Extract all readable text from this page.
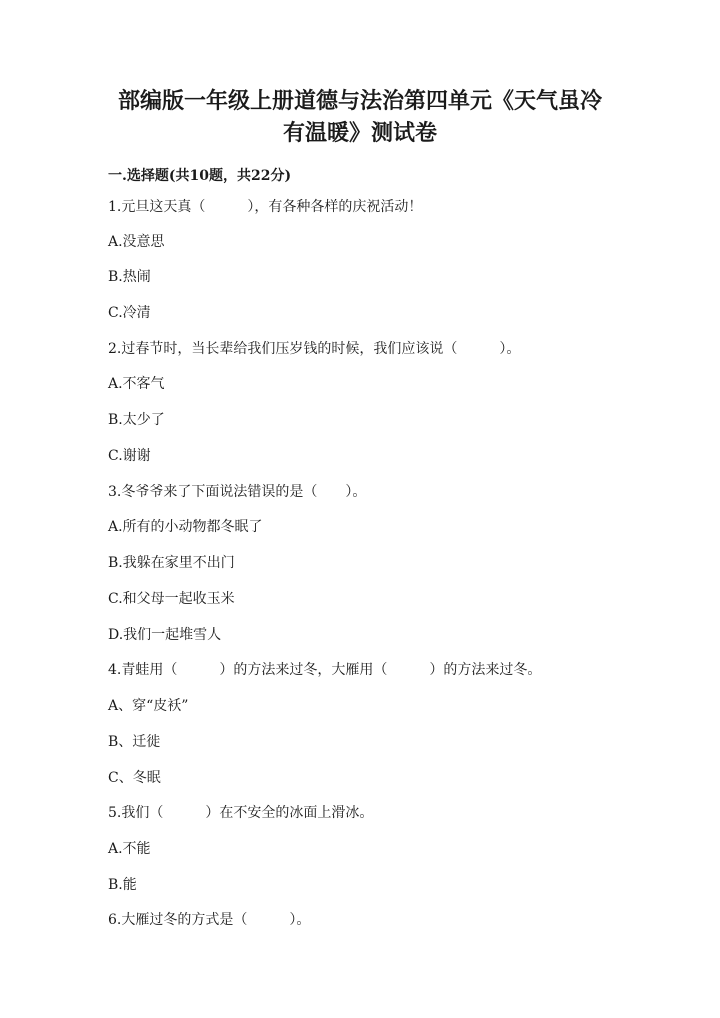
部编版一年级上册道德与法治第四单元《天气虽冷
有温暖》测试卷
一.选择题(共10题，共22分)
1.元旦这天真（　　　），有各种各样的庆祝活动！
A.没意思
B.热闹
C.冷清
2.过春节时，当长辈给我们压岁钱的时候，我们应该说（　　　）。
A.不客气
B.太少了
C.谢谢
3.冬爷爷来了下面说法错误的是（　　）。
A.所有的小动物都冬眠了
B.我躲在家里不出门
C.和父母一起收玉米
D.我们一起堆雪人
4.青蛙用（　　　）的方法来过冬，大雁用（　　　）的方法来过冬。
A、穿“皮袄”
B、迁徙
C、冬眠
5.我们（　　　）在不安全的冰面上滑冰。
A.不能
B.能
6.大雁过冬的方式是（　　　）。
